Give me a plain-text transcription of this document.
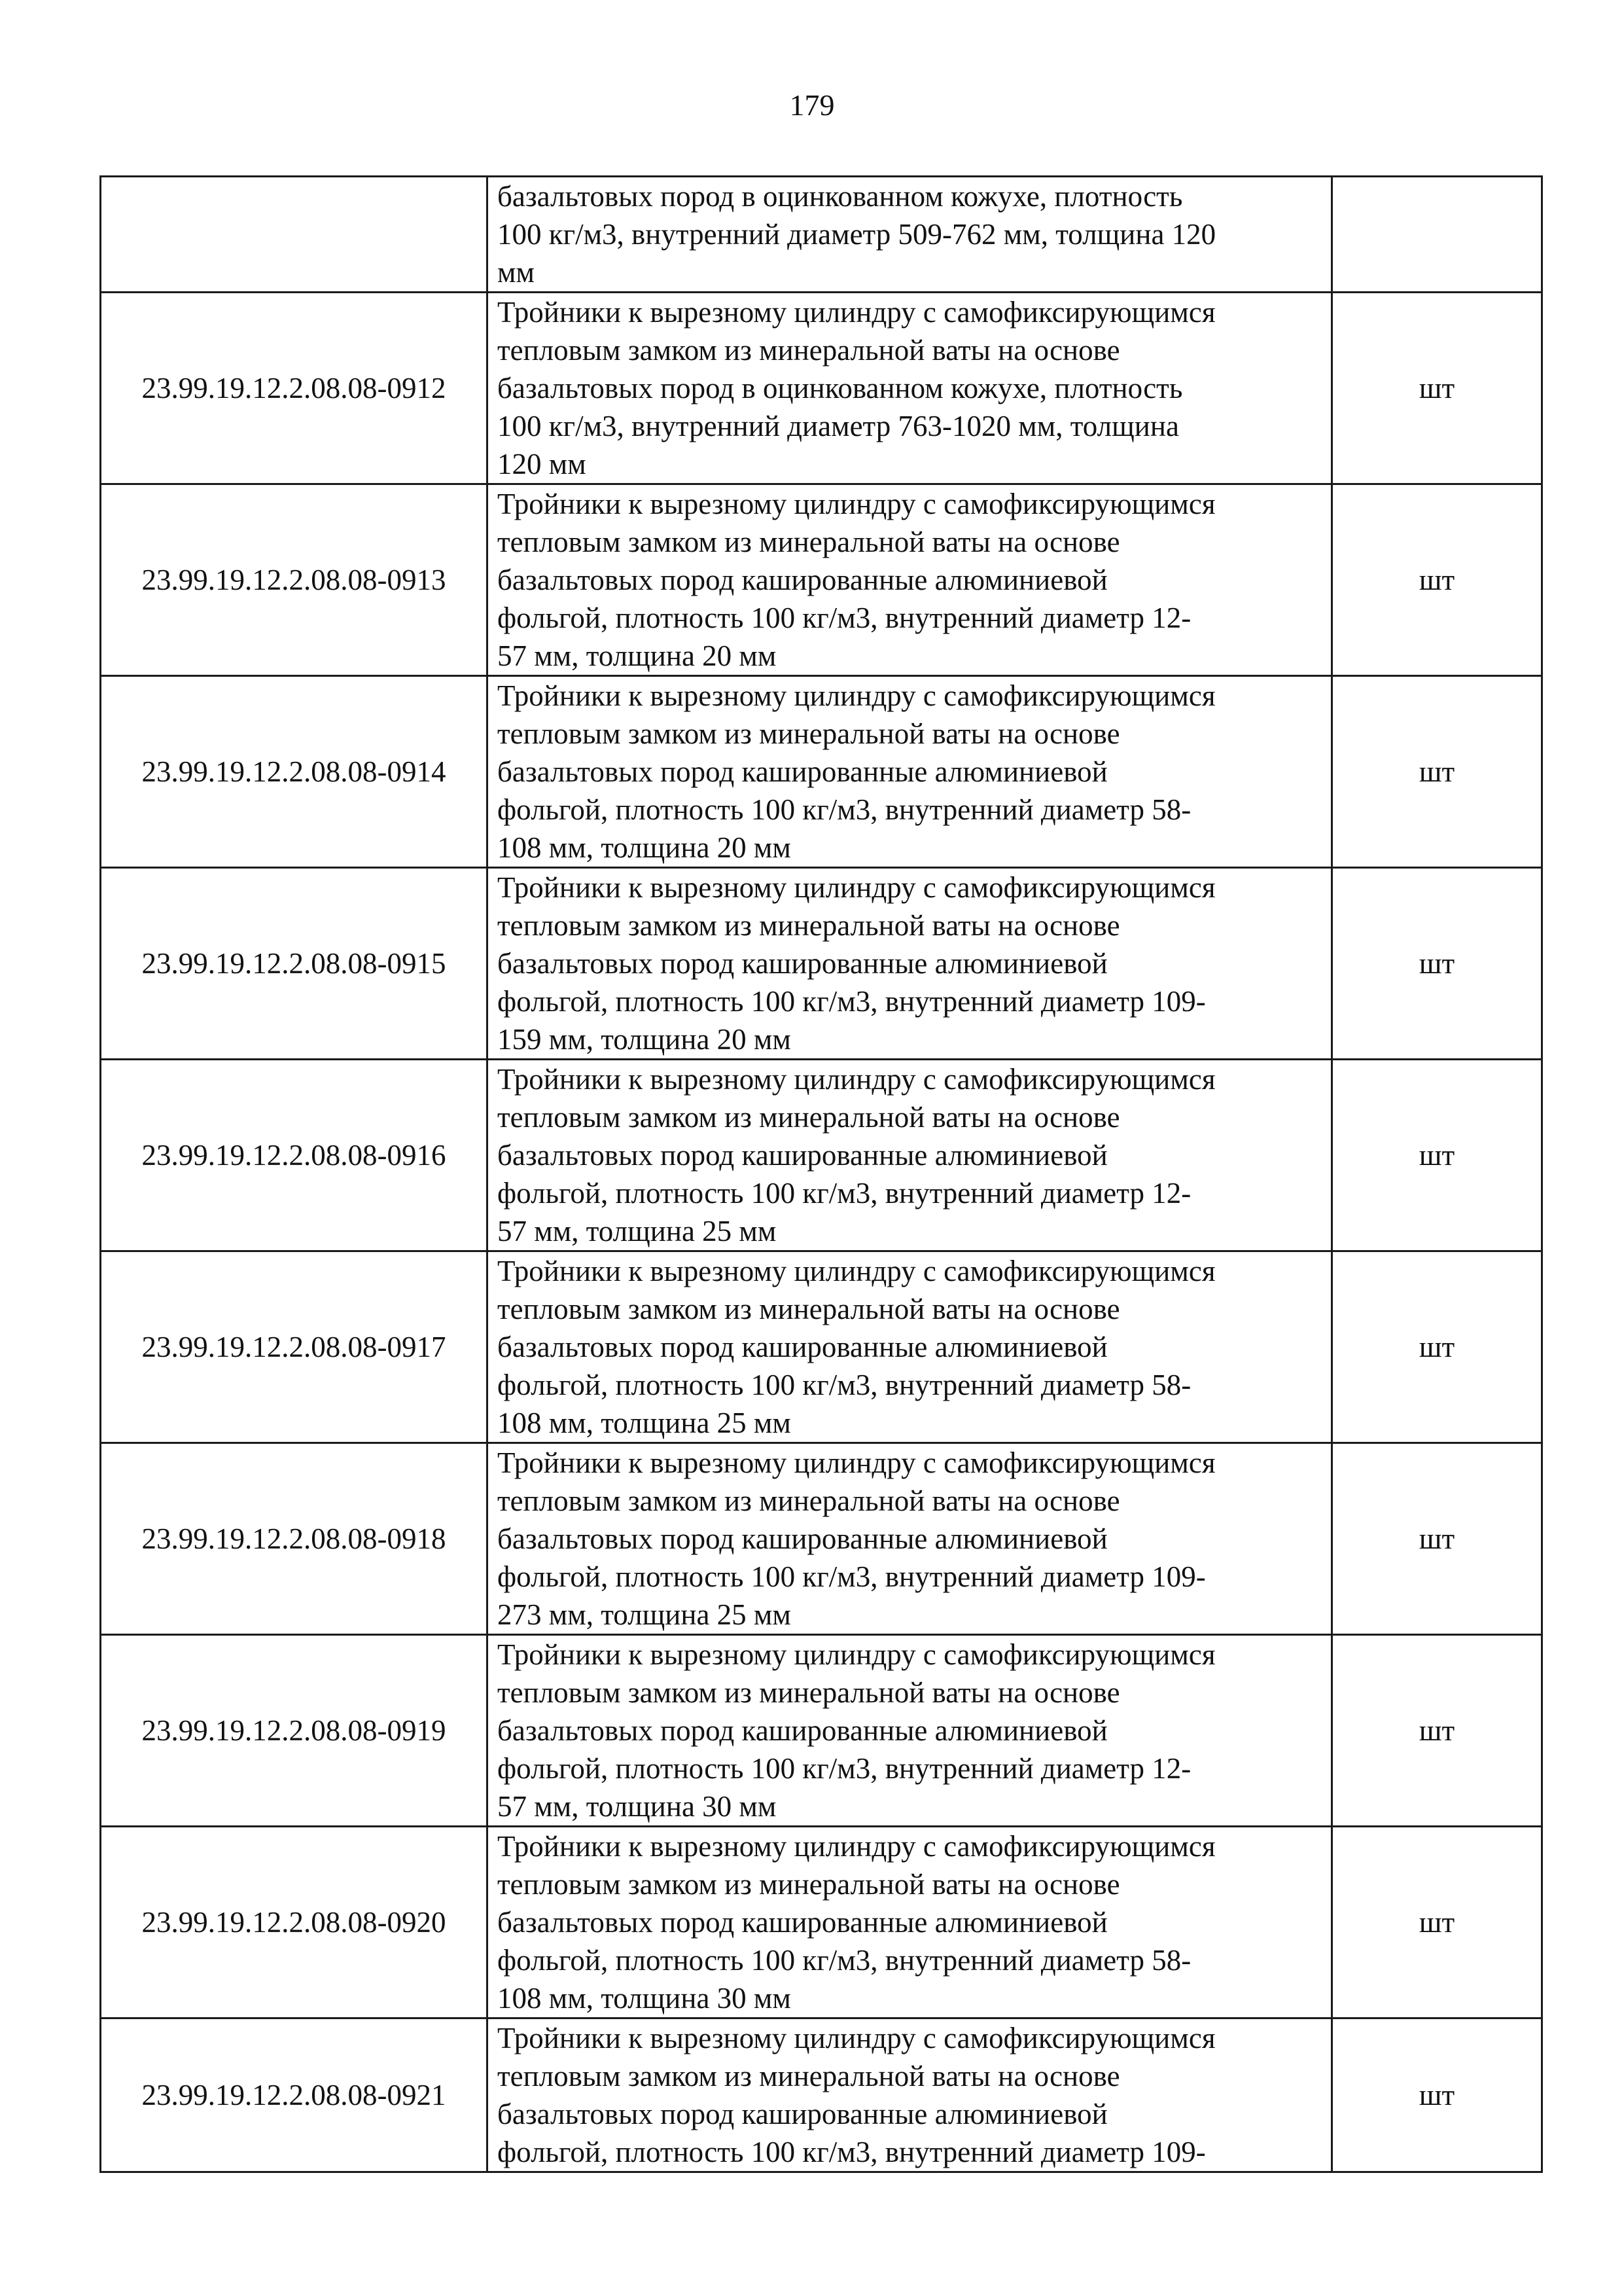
179

	базальтовых пород в оцинкованном кожухе, плотность
100 кг/м3, внутренний диаметр 509-762 мм, толщина 120
мм	

23.99.19.12.2.08.08-0912	Тройники к вырезному цилиндру с самофиксирующимся
тепловым замком из минеральной ваты на основе
базальтовых пород в оцинкованном кожухе, плотность
100 кг/м3, внутренний диаметр 763-1020 мм, толщина
120 мм	шт
23.99.19.12.2.08.08-0913	Тройники к вырезному цилиндру с самофиксирующимся
тепловым замком из минеральной ваты на основе
базальтовых пород кашированные алюминиевой
фольгой, плотность 100 кг/м3, внутренний диаметр 12-
57 мм, толщина 20 мм	шт
23.99.19.12.2.08.08-0914	Тройники к вырезному цилиндру с самофиксирующимся
тепловым замком из минеральной ваты на основе
базальтовых пород кашированные алюминиевой
фольгой, плотность 100 кг/м3, внутренний диаметр 58-
108 мм, толщина 20 мм	шт
23.99.19.12.2.08.08-0915	Тройники к вырезному цилиндру с самофиксирующимся
тепловым замком из минеральной ваты на основе
базальтовых пород кашированные алюминиевой
фольгой, плотность 100 кг/м3, внутренний диаметр 109-
159 мм, толщина 20 мм	шт
23.99.19.12.2.08.08-0916	Тройники к вырезному цилиндру с самофиксирующимся
тепловым замком из минеральной ваты на основе
базальтовых пород кашированные алюминиевой
фольгой, плотность 100 кг/м3, внутренний диаметр 12-
57 мм, толщина 25 мм	шт
23.99.19.12.2.08.08-0917	Тройники к вырезному цилиндру с самофиксирующимся
тепловым замком из минеральной ваты на основе
базальтовых пород кашированные алюминиевой
фольгой, плотность 100 кг/м3, внутренний диаметр 58-
108 мм, толщина 25 мм	шт
23.99.19.12.2.08.08-0918	Тройники к вырезному цилиндру с самофиксирующимся
тепловым замком из минеральной ваты на основе
базальтовых пород кашированные алюминиевой
фольгой, плотность 100 кг/м3, внутренний диаметр 109-
273 мм, толщина 25 мм	шт
23.99.19.12.2.08.08-0919	Тройники к вырезному цилиндру с самофиксирующимся
тепловым замком из минеральной ваты на основе
базальтовых пород кашированные алюминиевой
фольгой, плотность 100 кг/м3, внутренний диаметр 12-
57 мм, толщина 30 мм	шт
23.99.19.12.2.08.08-0920	Тройники к вырезному цилиндру с самофиксирующимся
тепловым замком из минеральной ваты на основе
базальтовых пород кашированные алюминиевой
фольгой, плотность 100 кг/м3, внутренний диаметр 58-
108 мм, толщина 30 мм	шт
23.99.19.12.2.08.08-0921	Тройники к вырезному цилиндру с самофиксирующимся
тепловым замком из минеральной ваты на основе
базальтовых пород кашированные алюминиевой
фольгой, плотность 100 кг/м3, внутренний диаметр 109-	шт
